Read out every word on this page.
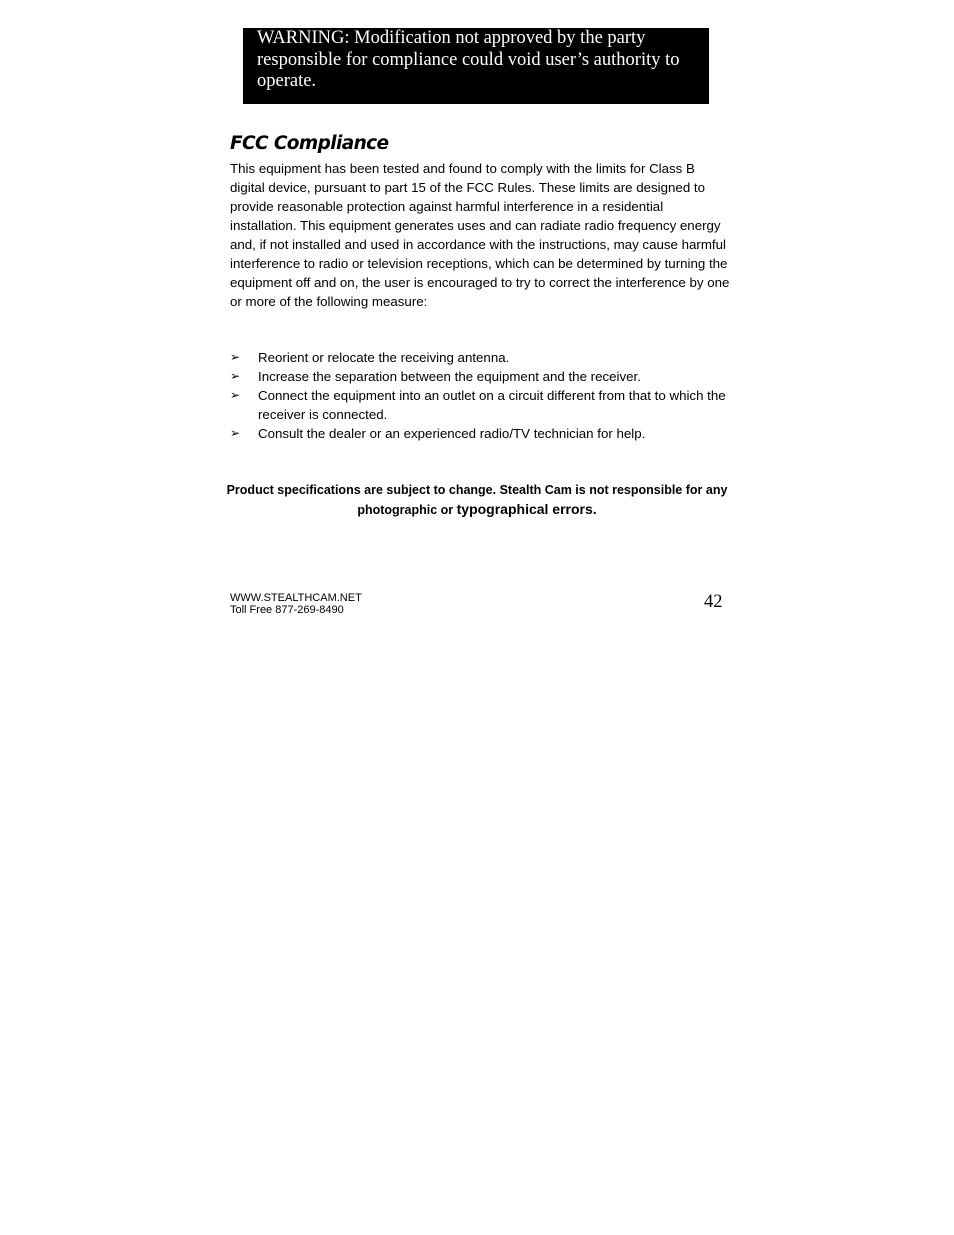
WARNING: Modification not approved by the party responsible for compliance could void user’s authority to operate.
FCC Compliance

This equipment has been tested and found to comply with the limits for Class B digital device, pursuant to part 15 of the FCC Rules. These limits are designed to provide reasonable protection against harmful interference in a residential installation. This equipment generates uses and can radiate radio frequency energy and, if not installed and used in accordance with the instructions, may cause harmful interference to radio or television receptions, which can be determined by turning the equipment off and on, the user is encouraged to try to correct the interference by one or more of the following measure:

➢ Reorient or relocate the receiving antenna.
➢ Increase the separation between the equipment and the receiver.
➢ Connect the equipment into an outlet on a circuit different from that to which the receiver is connected.
➢ Consult the dealer or an experienced radio/TV technician for help.

Product specifications are subject to change. Stealth Cam is not responsible for any photographic or typographical errors.

WWW.STEALTHCAM.NET
Toll Free 877-269-8490	42
